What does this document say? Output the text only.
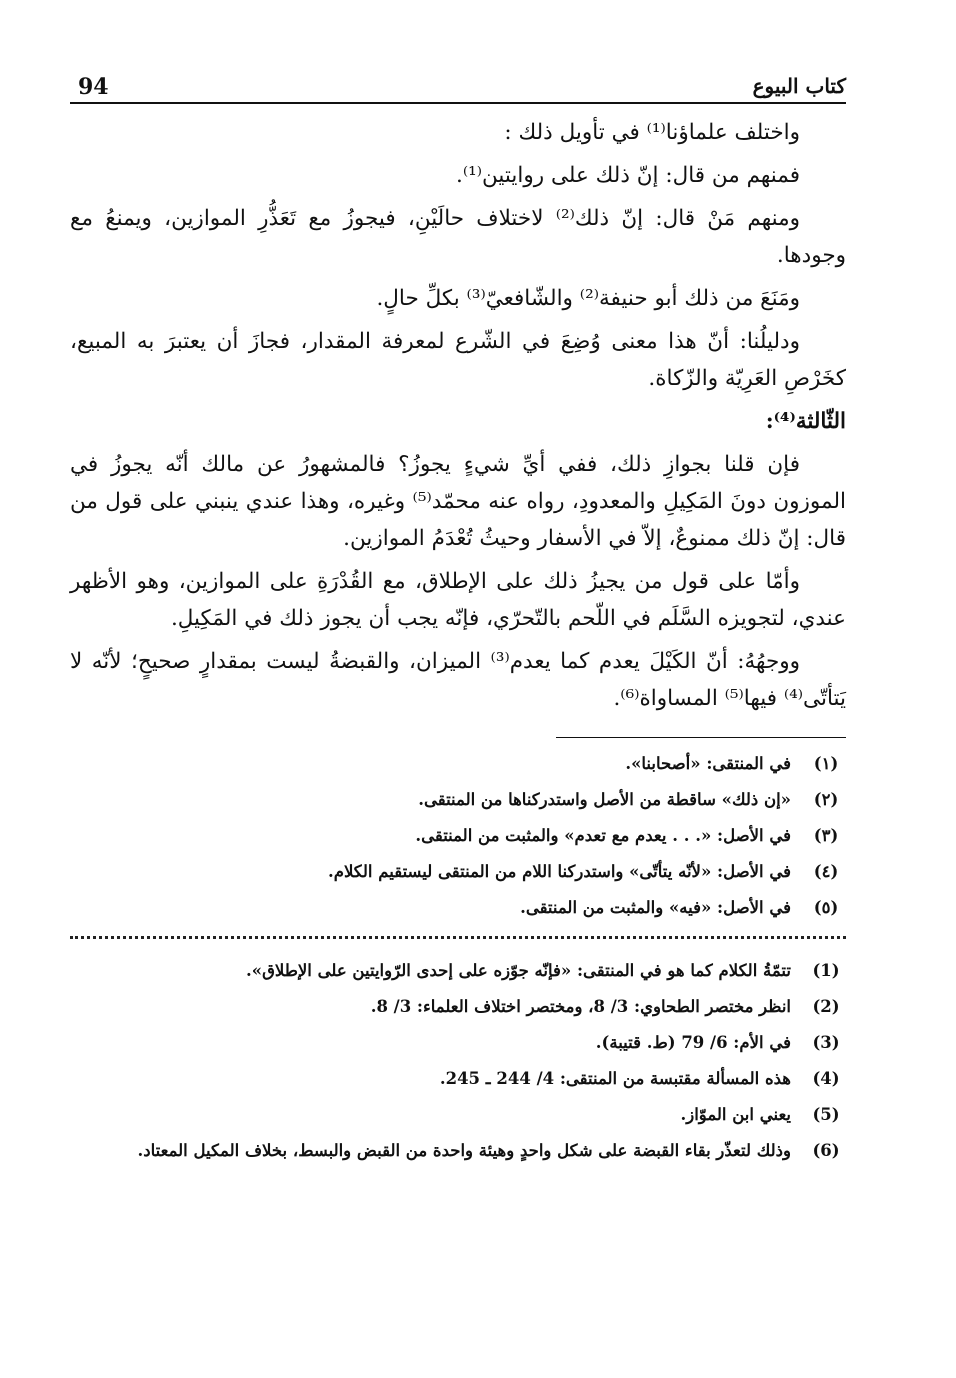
94	كتاب البيوع

واختلف علماؤنا⁽¹⁾ في تأويل ذلك :

فمنهم من قال: إنّ ذلك على روايتين⁽¹⁾.

ومنهم مَنْ قال: إنّ ذلك⁽²⁾ لاختلاف حالَيْنِ، فيجوزُ مع تَعَذُّرِ الموازين، ويمنعُ مع وجودها.

ومَنَعَ من ذلك أبو حنيفة⁽²⁾ والشّافعيّ⁽³⁾ بكلِّ حالٍ.

ودليلُنا: أنّ هذا معنى وُضِعَ في الشّرع لمعرفة المقدار، فجازَ أن يعتبرَ به المبيع، كخَرْصِ العَرِيّة والزّكاة.

الثّالثة⁽⁴⁾:

فإن قلنا بجوازِ ذلك، ففي أيِّ شيءٍ يجوزُ؟ فالمشهورُ عن مالك أنّه يجوزُ في الموزون دونَ المَكِيلِ والمعدودِ، رواه عنه محمّد⁽⁵⁾ وغيره، وهذا عندي ينبني على قول من قال: إنّ ذلك ممنوعٌ، إلاّ في الأسفار وحيثُ تُعْدَمُ الموازين.

وأمّا على قول من يجيزُ ذلك على الإطلاق، مع القُدْرَةِ على الموازين، وهو الأظهر عندي، لتجويزه السَّلَم في اللّحم بالتّحرّي، فإنّه يجب أن يجوز ذلك في المَكِيلِ.

ووجهُهُ: أنّ الكَيْلَ يعدم كما يعدم⁽³⁾ الميزان، والقبضةُ ليست بمقدارٍ صحيحٍ؛ لأنّه لا يَتأتّى⁽⁴⁾ فيها⁽⁵⁾ المساواة⁽⁶⁾.

(١)
في المنتقى: «أصحابنا».
(٢)
«إن ذلك» ساقطة من الأصل واستدركناها من المنتقى.
(٣)
في الأصل: «. . . يعدم مع تعدم» والمثبت من المنتقى.
(٤)
في الأصل: «لأنّه يتأتّى» واستدركنا اللام من المنتقى ليستقيم الكلام.
(٥)
في الأصل: «فيه» والمثبت من المنتقى.
(1)
تتمّةُ الكلام كما هو في المنتقى: «فإنّه جوّزه على إحدى الرّوايتين على الإطلاق».
(2)
انظر مختصر الطحاوي: 3/ 8، ومختصر اختلاف العلماء: 3/ 8.
(3)
في الأم: 6/ 79 (ط. قتيبة).
(4)
هذه المسألة مقتبسة من المنتقى: 4/ 244 ـ 245.
(5)
يعني ابن الموّاز.
(6)
وذلك لتعذّر بقاء القبضة على شكل واحدٍ وهيئة واحدة من القبض والبسط، بخلاف المكيل المعتاد.
